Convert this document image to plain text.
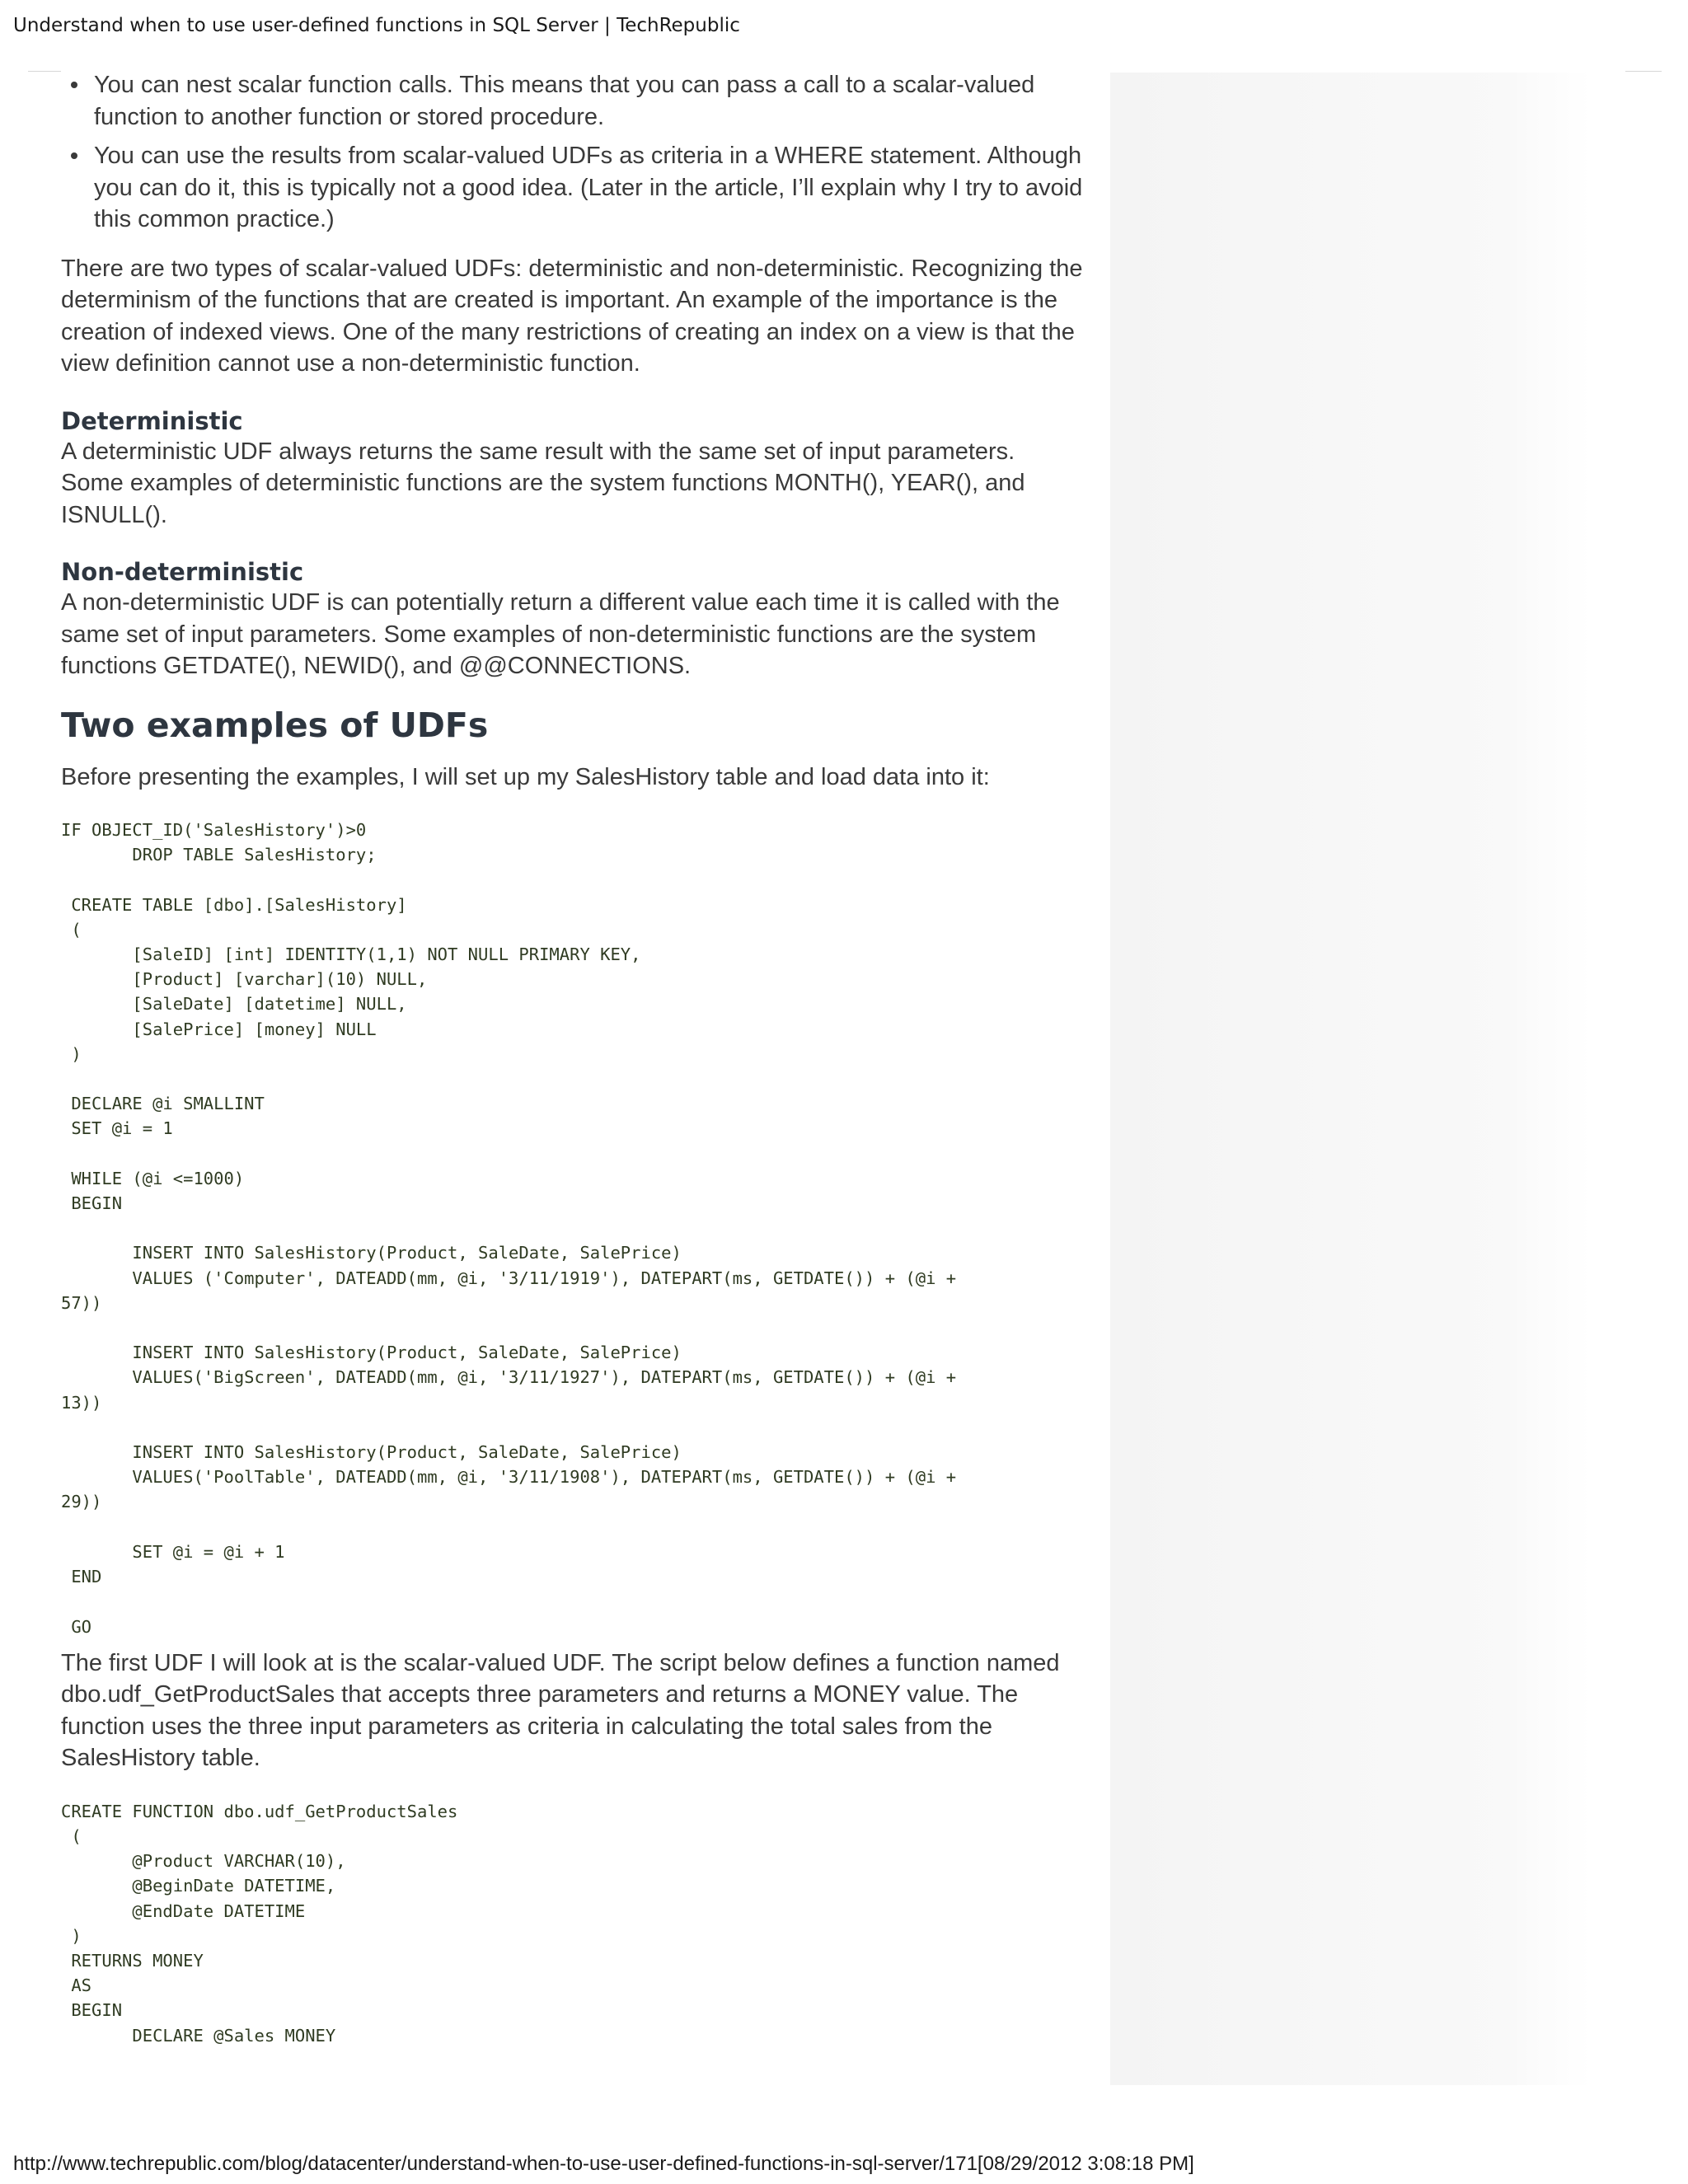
Understand when to use user-defined functions in SQL Server | TechRepublic
You can nest scalar function calls. This means that you can pass a call to a scalar-valued function to another function or stored procedure.
You can use the results from scalar-valued UDFs as criteria in a WHERE statement. Although you can do it, this is typically not a good idea. (Later in the article, I’ll explain why I try to avoid this common practice.)

There are two types of scalar-valued UDFs: deterministic and non-deterministic. Recognizing the determinism of the functions that are created is important. An example of the importance is the creation of indexed views. One of the many restrictions of creating an index on a view is that the view definition cannot use a non-deterministic function.

Deterministic

A deterministic UDF always returns the same result with the same set of input parameters. Some examples of deterministic functions are the system functions MONTH(), YEAR(), and ISNULL().

Non-deterministic

A non-deterministic UDF is can potentially return a different value each time it is called with the same set of input parameters. Some examples of non-deterministic functions are the system functions GETDATE(), NEWID(), and @@CONNECTIONS.

Two examples of UDFs

Before presenting the examples, I will set up my SalesHistory table and load data into it:

IF OBJECT_ID('SalesHistory')>0
DROP TABLE SalesHistory;

CREATE TABLE [dbo].[SalesHistory]
(
[SaleID] [int] IDENTITY(1,1) NOT NULL PRIMARY KEY,
[Product] [varchar](10) NULL,
[SaleDate] [datetime] NULL,
[SalePrice] [money] NULL
)

DECLARE @i SMALLINT
SET @i = 1

WHILE (@i <=1000)
BEGIN

INSERT INTO SalesHistory(Product, SaleDate, SalePrice)
VALUES ('Computer', DATEADD(mm, @i, '3/11/1919'), DATEPART(ms, GETDATE()) + (@i +
57))

INSERT INTO SalesHistory(Product, SaleDate, SalePrice)
VALUES('BigScreen', DATEADD(mm, @i, '3/11/1927'), DATEPART(ms, GETDATE()) + (@i +
13))

INSERT INTO SalesHistory(Product, SaleDate, SalePrice)
VALUES('PoolTable', DATEADD(mm, @i, '3/11/1908'), DATEPART(ms, GETDATE()) + (@i +
29))

SET @i = @i + 1
END

GO

The first UDF I will look at is the scalar-valued UDF. The script below defines a function named dbo.udf_GetProductSales that accepts three parameters and returns a MONEY value. The function uses the three input parameters as criteria in calculating the total sales from the SalesHistory table.

CREATE FUNCTION dbo.udf_GetProductSales
(
@Product VARCHAR(10),
@BeginDate DATETIME,
@EndDate DATETIME
)
RETURNS MONEY
AS
BEGIN
DECLARE @Sales MONEY
http://www.techrepublic.com/blog/datacenter/understand-when-to-use-user-defined-functions-in-sql-server/171[08/29/2012 3:08:18 PM]
